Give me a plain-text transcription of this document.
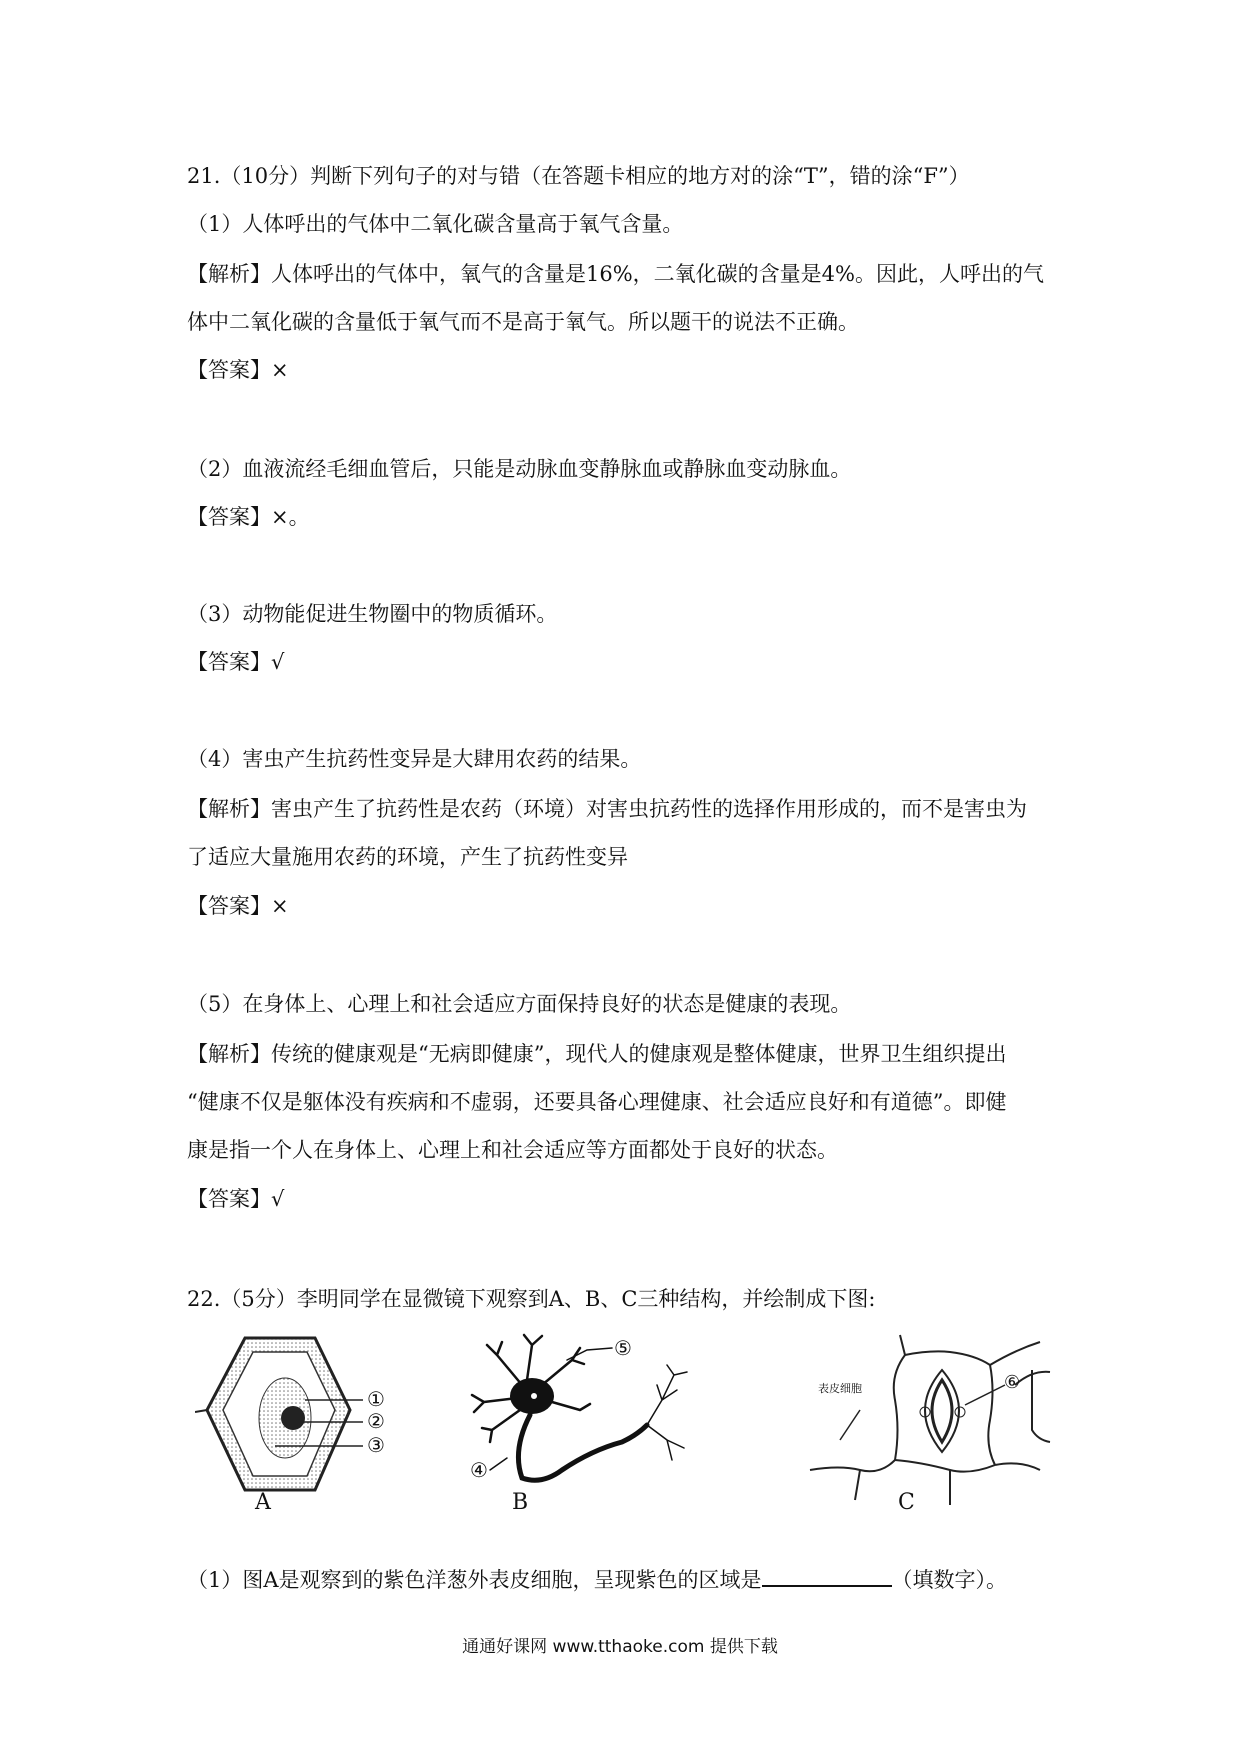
21.（10分）判断下列句子的对与错（在答题卡相应的地方对的涂“T”，错的涂“F”）
（1）人体呼出的气体中二氧化碳含量高于氧气含量。
【解析】人体呼出的气体中，氧气的含量是16%，二氧化碳的含量是4%。因此，人呼出的气
体中二氧化碳的含量低于氧气而不是高于氧气。所以题干的说法不正确。
【答案】×
（2）血液流经毛细血管后，只能是动脉血变静脉血或静脉血变动脉血。
【答案】×。
（3）动物能促进生物圈中的物质循环。
【答案】√
（4）害虫产生抗药性变异是大肆用农药的结果。
【解析】害虫产生了抗药性是农药（环境）对害虫抗药性的选择作用形成的，而不是害虫为
了适应大量施用农药的环境，产生了抗药性变异
【答案】×
（5）在身体上、心理上和社会适应方面保持良好的状态是健康的表现。
【解析】传统的健康观是“无病即健康”，现代人的健康观是整体健康，世界卫生组织提出
“健康不仅是躯体没有疾病和不虚弱，还要具备心理健康、社会适应良好和有道德”。即健
康是指一个人在身体上、心理上和社会适应等方面都处于良好的状态。
【答案】√
22.（5分）李明同学在显微镜下观察到A、B、C三种结构，并绘制成下图:
A
①
②
③
B
⑤
④
C
表皮细胞	⑥
（1）图A是观察到的紫色洋葱外表皮细胞，呈现紫色的区域是	（填数字）。
通通好课网 www.tthaoke.com 提供下载
